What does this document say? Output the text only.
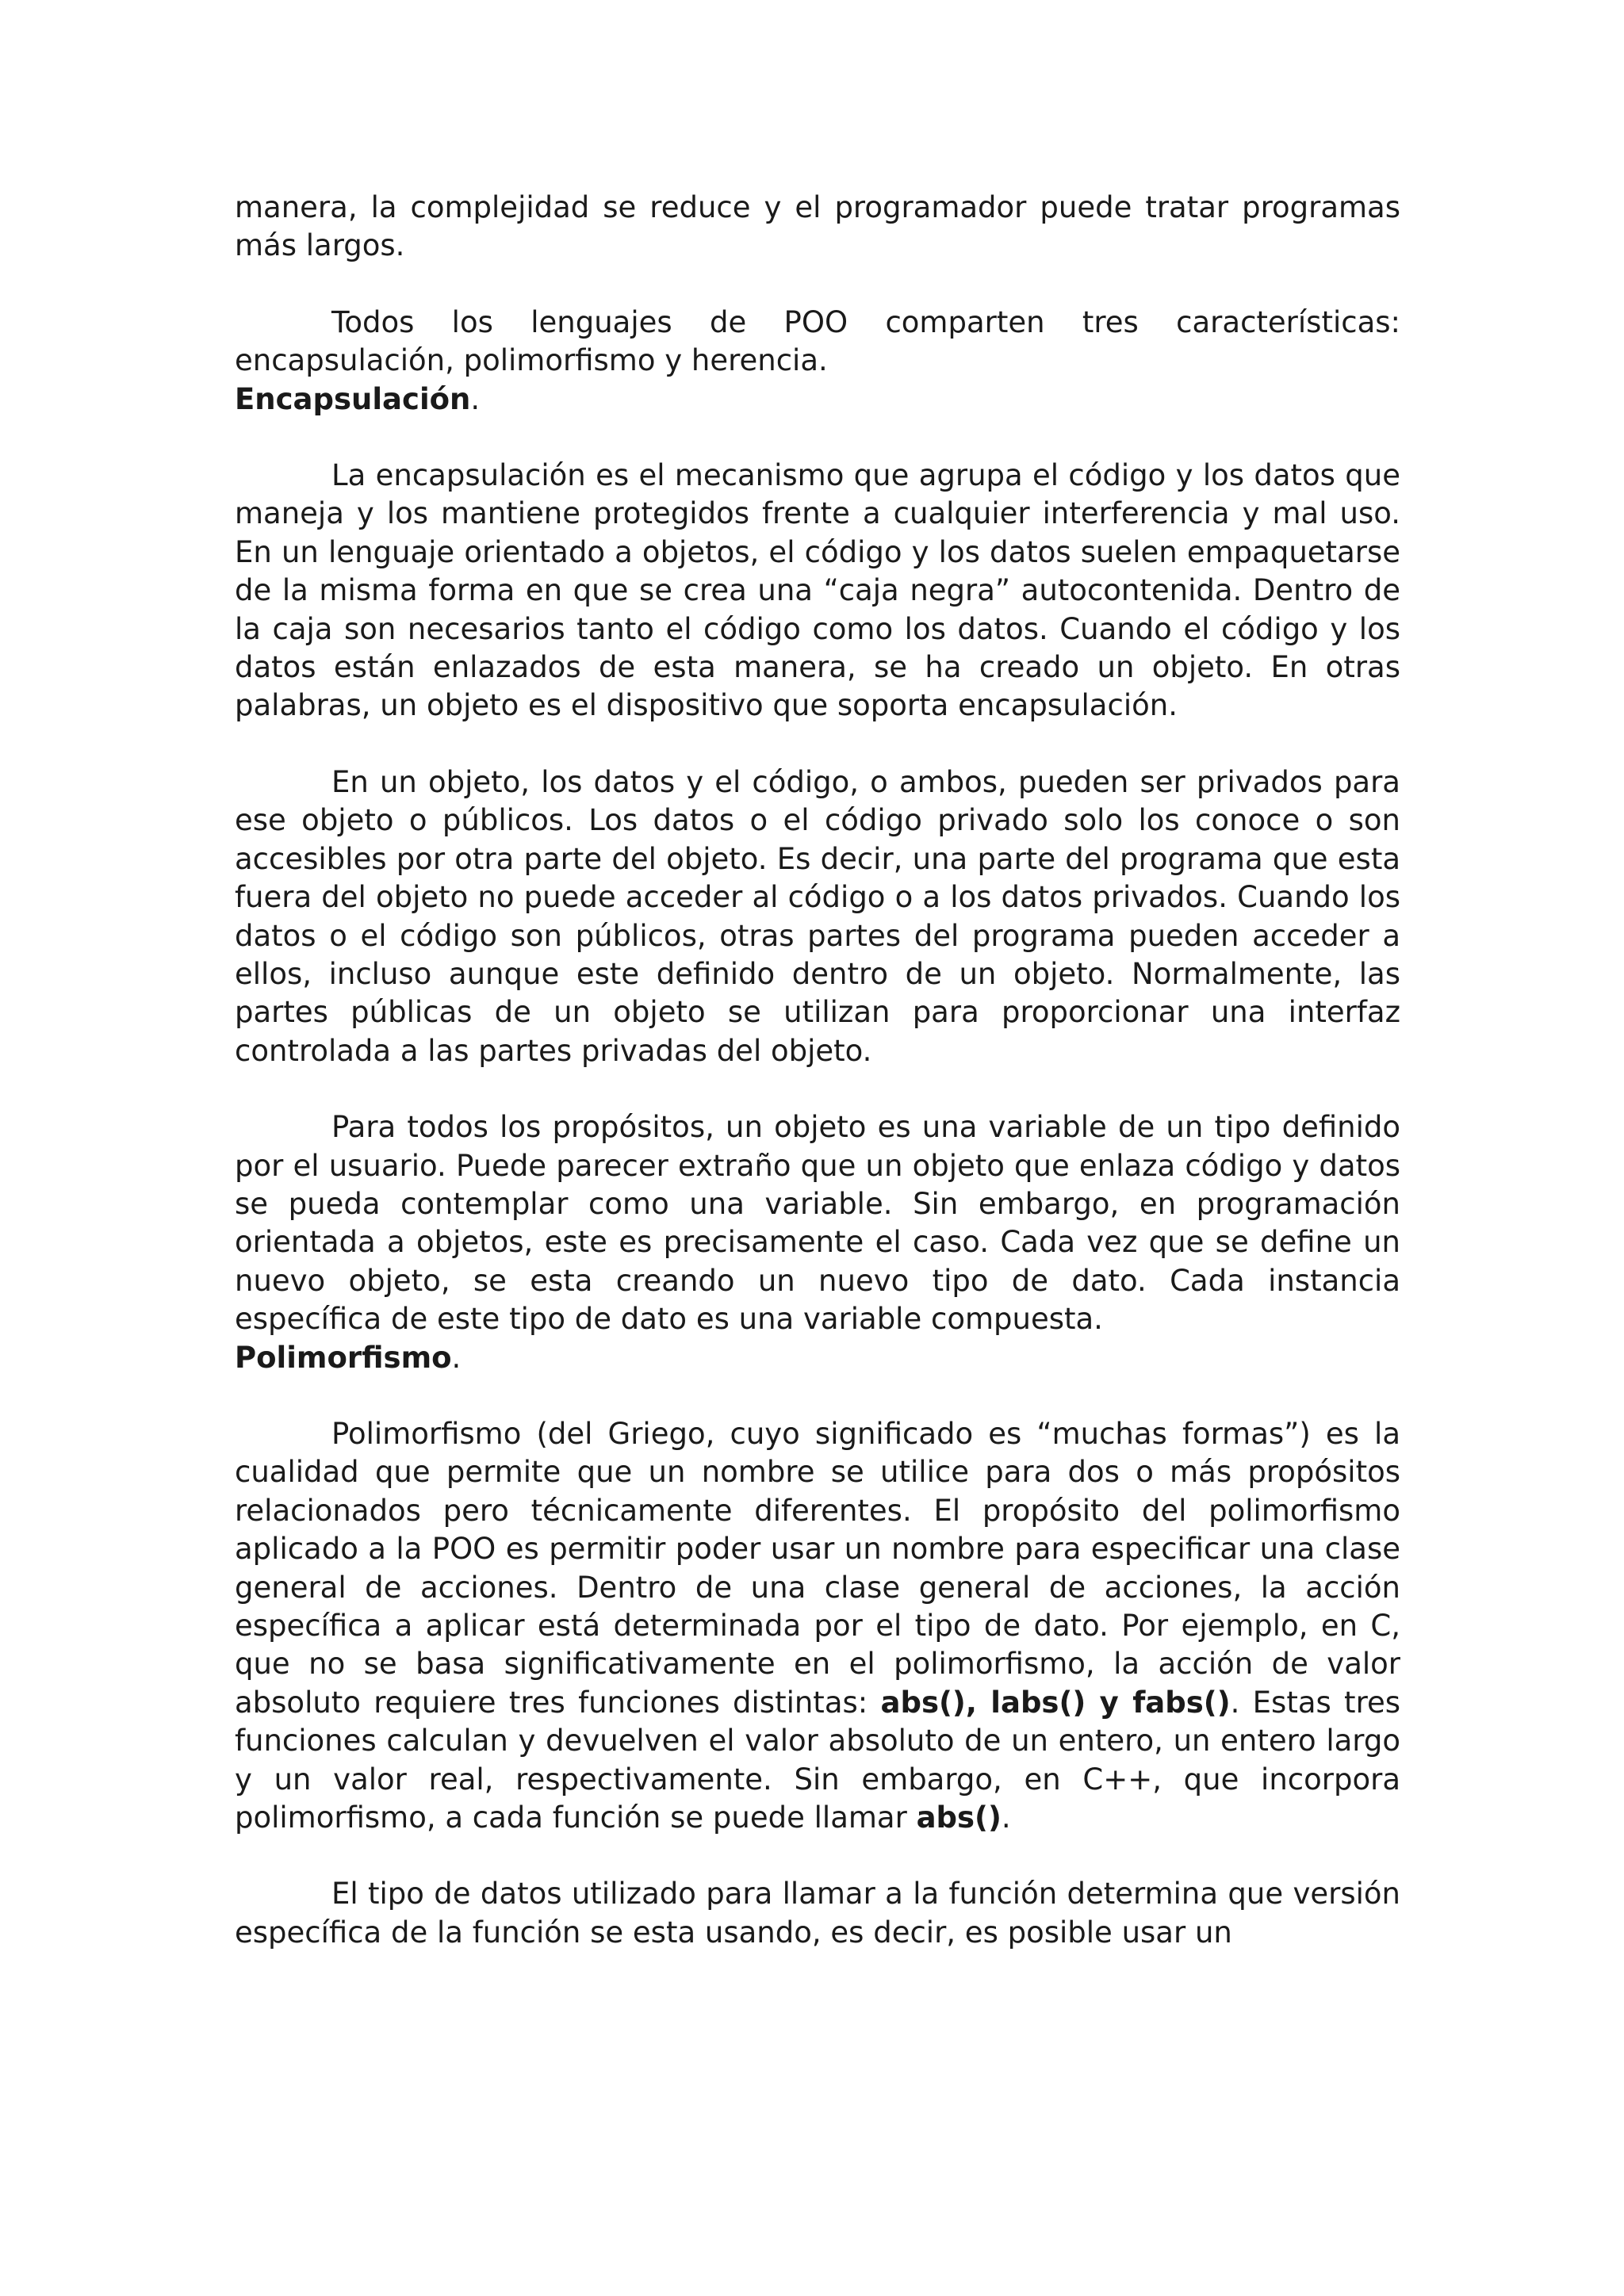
manera, la complejidad se reduce y el programador puede tratar programas más largos.

Todos los lenguajes de POO comparten tres características: encapsulación, polimorfismo y herencia.

Encapsulación.

La encapsulación es el mecanismo que agrupa el código y los datos que maneja y los mantiene protegidos frente a cualquier interferencia y mal uso. En un lenguaje orientado a objetos, el código y los datos suelen empaquetarse de la misma forma en que se crea una “caja negra” autocontenida. Dentro de la caja son necesarios tanto el código como los datos. Cuando el código y los datos están enlazados de esta manera, se ha creado un objeto. En otras palabras, un objeto es el dispositivo que soporta encapsulación.

En un objeto, los datos y el código, o ambos, pueden ser privados para ese objeto o públicos. Los datos o el código privado solo los conoce o son accesibles por otra parte del objeto. Es decir, una parte del programa que esta fuera del objeto no puede acceder al código o a los datos privados. Cuando los datos o el código son públicos, otras partes del programa pueden acceder a ellos, incluso aunque este definido dentro de un objeto. Normalmente, las partes públicas de un objeto se utilizan para proporcionar una interfaz controlada a las partes privadas del objeto.

Para todos los propósitos, un objeto es una variable de un tipo definido por el usuario. Puede parecer extraño que un objeto que enlaza código y datos se pueda contemplar como una variable. Sin embargo, en programación orientada a objetos, este es precisamente el caso. Cada vez que se define un nuevo objeto, se esta creando un nuevo tipo de dato. Cada instancia específica de este tipo de dato es una variable compuesta.

Polimorfismo.

Polimorfismo (del Griego, cuyo significado es “muchas formas”) es la cualidad que permite que un nombre se utilice para dos o más propósitos relacionados pero técnicamente diferentes. El propósito del polimorfismo aplicado a la POO es permitir poder usar un nombre para especificar una clase general de acciones. Dentro de una clase general de acciones, la acción específica a aplicar está determinada por el tipo de dato. Por ejemplo, en C, que no se basa significativamente en el polimorfismo, la acción de valor absoluto requiere tres funciones distintas: abs(), labs() y fabs(). Estas tres funciones calculan y devuelven el valor absoluto de un entero, un entero largo y un valor real, respectivamente. Sin embargo, en C++, que incorpora polimorfismo, a cada función se puede llamar abs().

El tipo de datos utilizado para llamar a la función determina que versión específica de la función se esta usando, es decir, es posible usar un
